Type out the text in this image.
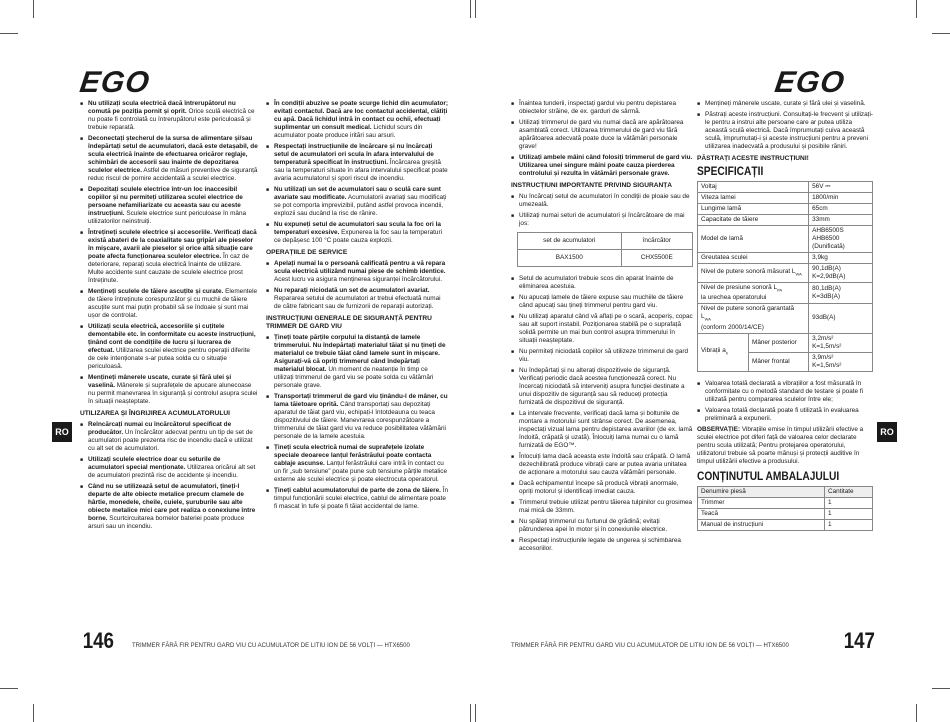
EGO
■ Nu utilizați scula electrică dacă întrerupătorul nu comută pe poziția pornit și oprit. Orice sculă electrică ce nu poate fi controlată cu întrerupătorul este periculoasă și trebuie reparată.
■ Deconectați ștecherul de la sursa de alimentare și/sau îndepărtați setul de acumulatori, dacă este detașabil, de scula electrică înainte de efectuarea oricăror reglaje, schimbări de accesorii sau înainte de depozitarea sculelor electrice. Astfel de măsuri preventive de siguranță reduc riscul de pornire accidentală a sculei electrice.
■ Depozitați sculele electrice într-un loc inaccesibil copiilor și nu permiteți utilizarea sculei electrice de persoane nefamiliarizate cu aceasta sau cu aceste instrucțiuni. Sculele electrice sunt periculoase în mâna utilizatorilor neinstruiți.
■ Întrețineți sculele electrice și accesoriile. Verificați dacă există abateri de la coaxialitate sau gripări ale pieselor în mișcare, avarii ale pieselor și orice altă situație care poate afecta funcționarea sculelor electrice. În caz de deteriorare, reparați scula electrică înainte de utilizare. Multe accidente sunt cauzate de sculele electrice prost întreținute.
■ Mențineți sculele de tăiere ascuțite și curate. Elementele de tăiere întreținute corespunzător și cu muchii de tăiere ascuțite sunt mai puțin probabil să se îndoaie și sunt mai ușor de controlat.
■ Utilizați scula electrică, accesoriile și cuțitele demontabile etc. în conformitate cu aceste instrucțiuni, ținând cont de condițiile de lucru și lucrarea de efectuat. Utilizarea sculei electrice pentru operații diferite de cele intenționate s-ar putea solda cu o situație periculoasă.
■ Mențineți mânerele uscate, curate și fără ulei și vaselină. Mânerele și suprafețele de apucare alunecoase nu permit manevrarea în siguranță și controlul asupra sculei în situații neașteptate.
UTILIZAREA ȘI ÎNGRIJIREA ACUMULATORULUI
■ Reîncărcați numai cu încărcătorul specificat de producător. Un încărcător adecvat pentru un tip de set de acumulatori poate prezenta risc de incendiu dacă e utilizat cu alt set de acumulatori.
■ Utilizați sculele electrice doar cu seturile de acumulatori special menționate. Utilizarea oricărui alt set de acumulatori prezintă risc de accidente și incendiu.
■ Când nu se utilizează setul de acumulatori, țineți-l departe de alte obiecte metalice precum clamele de hârtie, monedele, cheile, cuiele, șuruburile sau alte obiecte metalice mici care pot realiza o conexiune între borne. Scurtcircuitarea bornelor bateriei poate produce arsuri sau un incendiu.
■ În condiții abuzive se poate scurge lichid din acumulator; evitați contactul. Dacă are loc contactul accidental, clătiți cu apă. Dacă lichidul intră în contact cu ochii, efectuați suplimentar un consult medical. Lichidul scurs din acumulator poate produce iritări sau arsuri.
■ Respectați instrucțiunile de încărcare și nu încărcați setul de acumulatori ori scula în afara intervalului de temperatură specificat în instrucțiuni. Încărcarea greșită sau la temperaturi situate în afara intervalului specificat poate avaria acumulatorul și spori riscul de incendiu.
■ Nu utilizați un set de acumulatori sau o sculă care sunt avariate sau modificate. Acumulatorii avariați sau modificați se pot comporta imprevizibil, putând astfel provoca incendii, explozii sau ducând la risc de rănire.
■ Nu expuneți setul de acumulatori sau scula la foc ori la temperaturi excesive. Expunerea la foc sau la temperaturi ce depășesc 100 °C poate cauza explozii.
OPERAȚIILE DE SERVICE
■ Apelați numai la o persoană calificată pentru a vă repara scula electrică utilizând numai piese de schimb identice. Acest lucru va asigura menținerea siguranței încărcătorului.
■ Nu reparați niciodată un set de acumulatori avariat. Repararea setului de acumulatori ar trebui efectuată numai de către fabricant sau de furnizorii de reparații autorizați.
INSTRUCȚIUNI GENERALE DE SIGURANȚĂ PENTRU TRIMMER DE GARD VIU
■ Țineți toate părțile corpului la distanță de lamele trimmerului. Nu îndepărtați materialul tăiat și nu țineți de materialul ce trebuie tăiat când lamele sunt în mișcare. Asigurați-vă că opriți trimmerul când îndepărtați materialul blocat. Un moment de neatenție în timp ce utilizați trimmerul de gard viu se poate solda cu vătămări personale grave.
■ Transportați trimmerul de gard viu ținându-l de mâner, cu lama tăietoare oprită. Când transportați sau depozitați aparatul de tăiat gard viu, echipați-l întotdeauna cu teaca dispozitivului de tăiere. Manevrarea corespunzătoare a trimmerului de tăiat gard viu va reduce posibilitatea vătămării personale de la lamele acestuia.
■ Țineți scula electrică numai de suprafețele izolate speciale deoarece lanțul ferăstrăului poate contacta cablaje ascunse. Lanțul ferăstrăului care intră în contact cu un fir „sub tensiune” poate pune sub tensiune părțile metalice externe ale sculei electrice și poate electrocuta operatorul.
■ Țineți cablul acumulatorului de parte de zona de tăiere. În timpul funcționării sculei electrice, cablul de alimentare poate fi mascat în tufe și poate fi tăiat accidental de lame.
RO
146	TRIMMER FĂRĂ FIR PENTRU GARD VIU CU ACUMULATOR DE LITIU ION DE 56 VOLȚI — HTX6500
EGO
■ Înaintea tunderii, inspectați gardul viu pentru depistarea obiectelor străine, de ex. garduri de sârmă.
■ Utilizați trimmerul de gard viu numai dacă are apărătoarea asamblată corect. Utilizarea trimmerului de gard viu fără apărătoarea adecvată poate duce la vătămări personale grave!
■ Utilizați ambele mâini când folosiți trimmerul de gard viu. Utilizarea unei singure mâini poate cauza pierderea controlului și rezulta în vătămări personale grave.
INSTRUCȚIUNI IMPORTANTE PRIVIND SIGURANȚA
■ Nu încărcați setul de acumulatori în condiții de ploaie sau de umezeală.
■ Utilizați numai seturi de acumulatori și încărcătoare de mai jos:
set de acumulatori	încărcător
BAX1500	CHX5500E
■ Setul de acumulatori trebuie scos din aparat înainte de eliminarea acestuia.
■ Nu apucați lamele de tăiere expuse sau muchiile de tăiere când apucați sau țineți trimmerul pentru gard viu.
■ Nu utilizați aparatul când vă aflați pe o scară, acoperiș, copac sau alt suport instabil. Poziționarea stabilă pe o suprafață solidă permite un mai bun control asupra trimmerului în situații neașteptate.
■ Nu permiteți niciodată copiilor să utilizeze trimmerul de gard viu.
■ Nu îndepărtați și nu alterați dispozitivele de siguranță. Verificați periodic dacă acestea funcționează corect. Nu încercați niciodată să interveniți asupra funcției destinate a unui dispozitiv de siguranță sau să reduceți protecția furnizată de dispozitivul de siguranță.
■ La intervale frecvente, verificați dacă lama și boltunile de montare a motorului sunt strânse corect. De asemenea, inspectați vizual lama pentru depistarea avariilor (de ex. lamă îndoită, crăpată și uzată). Înlocuiți lama numai cu o lamă furnizată de EGO™.
■ Înlocuiți lama dacă aceasta este îndoită sau crăpată. O lamă dezechilibrată produce vibrații care ar putea avaria unitatea de acționare a motorului sau cauza vătămări personale.
■ Dacă echipamentul începe să producă vibrații anormale, opriți motorul și identificați imediat cauza.
■ Trimmerul trebuie utilizat pentru tăierea tulpinilor cu grosimea mai mică de 33mm.
■ Nu spălați trimmerul cu furtunul de grădină; evitați pătrunderea apei în motor și în conexiunile electrice.
■ Respectați instrucțiunile legate de ungerea și schimbarea accesoriilor.
■ Mențineți mânerele uscate, curate și fără ulei și vaselină.
■ Păstrați aceste instrucțiuni. Consultați-le frecvent și utilizați-le pentru a instrui alte persoane care ar putea utiliza această sculă electrică. Dacă împrumutați cuiva această sculă, împrumutați-i și aceste instrucțiuni pentru a preveni utilizarea inadecvată a produsului și posibile răniri.
PĂSTRAȚI ACESTE INSTRUCȚIUNI!
SPECIFICAȚII
Voltaj		56V ⎓
Viteza lamei		1800/min
Lungime lamă		65cm
Capacitate de tăiere		33mm
Model de lamă		AHB6500S
AHB6500 (Dunificată)
Greutatea sculei		3,9kg
Nivel de putere sonoră măsurat $L_{WA}$		90,1dB(A)
K=2,9dB(A)
Nivel de presiune sonoră $L_{PA}$
la urechea operatorului		80,1dB(A)
K=3dB(A)
Nivel de putere sonoră garantată $L_{WA}$
(conform 2000/14/CE)		93dB(A)
Vibrații $a_h$	Mâner posterior	3,2m/s²
K=1,5m/s²
	Mâner frontal	3,9m/s²
K=1,5m/s²
■ Valoarea totală declarată a vibrațiilor a fost măsurată în conformitate cu o metodă standard de testare și poate fi utilizată pentru compararea sculelor între ele;
■ Valoarea totală declarată poate fi utilizată în evaluarea preliminară a expunerii.

OBSERVAȚIE: Vibrațiile emise în timpul utilizării efective a sculei electrice pot diferi față de valoarea celor declarate pentru scula utilizată; Pentru protejarea operatorului, utilizatorul trebuie să poarte mănuși și protecții auditive în timpul utilizării efective a produsului.

CONȚINUTUL AMBALAJULUI
Denumire piesă	Cantitate
Trimmer	1
Teacă	1
Manual de instrucțiuni	1
RO
147
TRIMMER FĂRĂ FIR PENTRU GARD VIU CU ACUMULATOR DE LITIU ION DE 56 VOLȚI — HTX6500
